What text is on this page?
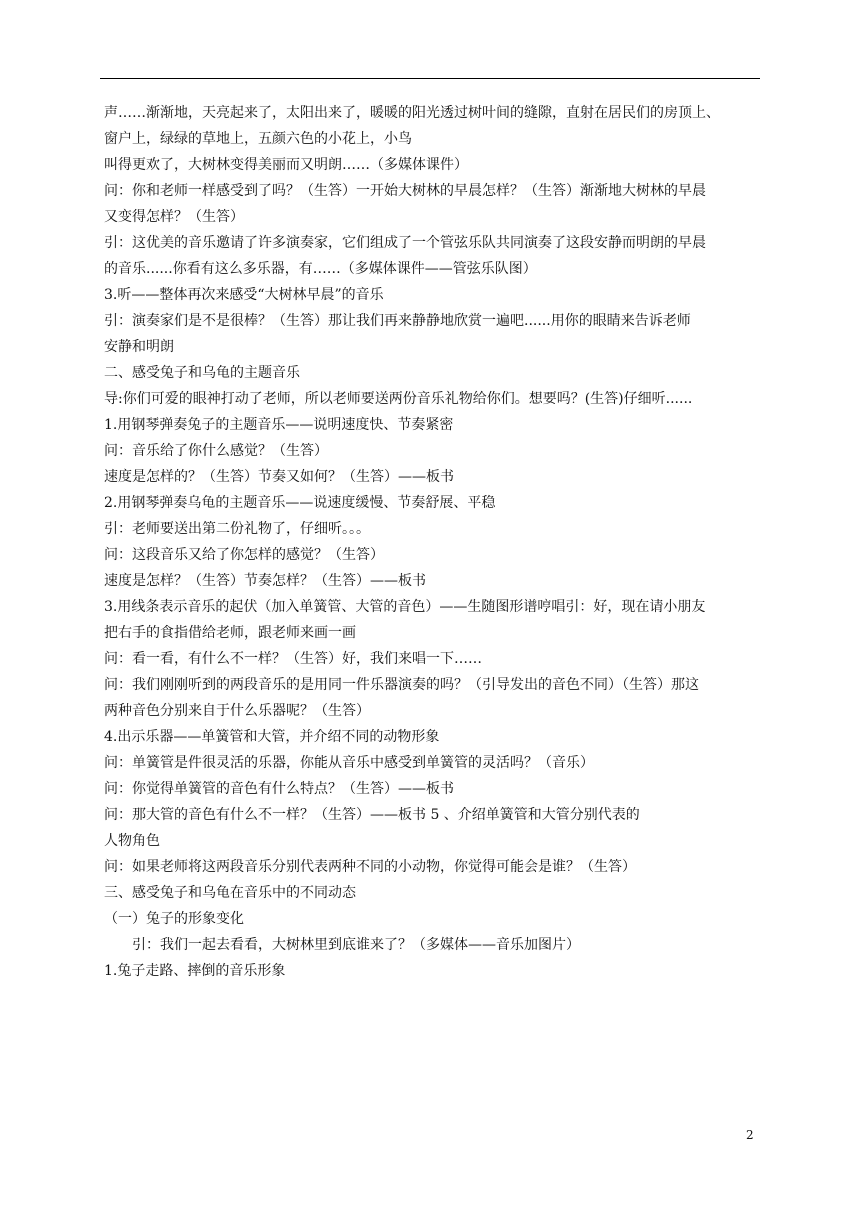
声……渐渐地，天亮起来了，太阳出来了，暖暖的阳光透过树叶间的缝隙，直射在居民们的房顶上、
窗户上，绿绿的草地上，五颜六色的小花上，小鸟
叫得更欢了，大树林变得美丽而又明朗……（多媒体课件）
问：你和老师一样感受到了吗？（生答）一开始大树林的早晨怎样？（生答）渐渐地大树林的早晨
又变得怎样？（生答）
引：这优美的音乐邀请了许多演奏家，它们组成了一个管弦乐队共同演奏了这段安静而明朗的早晨
的音乐......你看有这么多乐器，有……（多媒体课件——管弦乐队图）
3.听——整体再次来感受“大树林早晨”的音乐
引：演奏家们是不是很棒？（生答）那让我们再来静静地欣赏一遍吧......用你的眼睛来告诉老师
安静和明朗
二、感受兔子和乌龟的主题音乐
导:你们可爱的眼神打动了老师，所以老师要送两份音乐礼物给你们。想要吗？(生答)仔细听......
1.用钢琴弹奏兔子的主题音乐——说明速度快、节奏紧密
问：音乐给了你什么感觉？（生答）
速度是怎样的？（生答）节奏又如何？（生答）——板书
2.用钢琴弹奏乌龟的主题音乐——说速度缓慢、节奏舒展、平稳
引：老师要送出第二份礼物了，仔细听。。。
问：这段音乐又给了你怎样的感觉？（生答）
速度是怎样？（生答）节奏怎样？（生答）——板书
3.用线条表示音乐的起伏（加入单簧管、大管的音色）——生随图形谱哼唱引：好，现在请小朋友
把右手的食指借给老师，跟老师来画一画
问：看一看，有什么不一样？（生答）好，我们来唱一下……
问：我们刚刚听到的两段音乐的是用同一件乐器演奏的吗？（引导发出的音色不同）（生答）那这
两种音色分别来自于什么乐器呢？（生答）
4.出示乐器——单簧管和大管，并介绍不同的动物形象
问：单簧管是件很灵活的乐器，你能从音乐中感受到单簧管的灵活吗？（音乐）
问：你觉得单簧管的音色有什么特点？（生答）——板书
问：那大管的音色有什么不一样？（生答）——板书 5 、介绍单簧管和大管分别代表的
人物角色
问：如果老师将这两段音乐分别代表两种不同的小动物，你觉得可能会是谁？（生答）
三、感受兔子和乌龟在音乐中的不同动态
（一）兔子的形象变化
引：我们一起去看看，大树林里到底谁来了？（多媒体——音乐加图片）
1.兔子走路、摔倒的音乐形象
2
